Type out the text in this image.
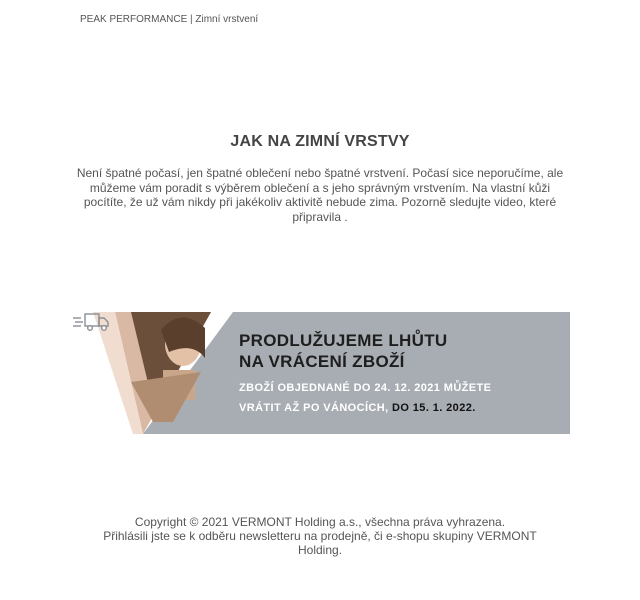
PEAK PERFORMANCE | Zimní vrstvení
JAK NA ZIMNÍ VRSTVY
Není špatné počasí, jen špatné oblečení nebo špatné vrstvení. Počasí sice neporučíme, ale můžeme vám poradit s výběrem oblečení a s jeho správným vrstvením. Na vlastní kůži pocítíte, že už vám nikdy při jakékoliv aktivitě nebude zima. Pozorně sledujte video, které připravila .
PRODLUŽUJEME LHŮTU
NA VRÁCENÍ ZBOŽÍ
ZBOŽÍ OBJEDNANÉ DO 24. 12. 2021 MŮŽETE
VRÁTIT AŽ PO VÁNOCÍCH, DO 15. 1. 2022.
Copyright © 2021 VERMONT Holding a.s., všechna práva vyhrazena.
Přihlásili jste se k odběru newsletteru na prodejně, či e-shopu skupiny VERMONT Holding.
